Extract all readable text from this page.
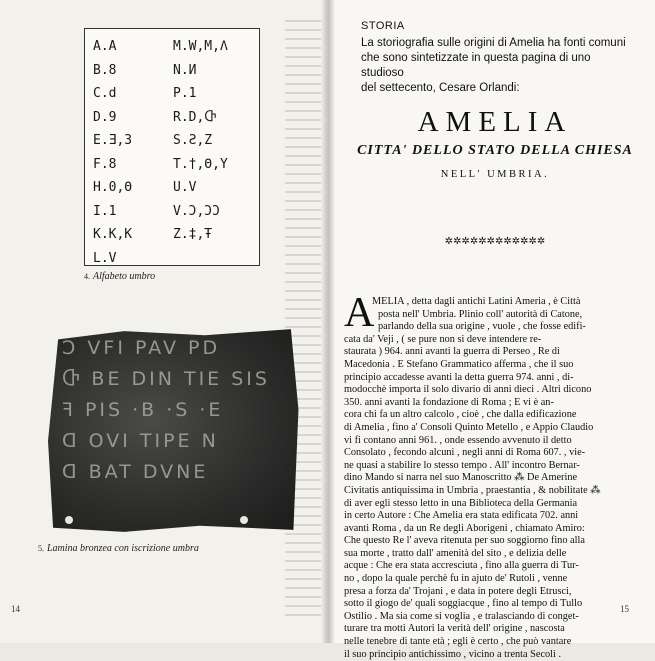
A.A
B.8
C.d
D.9
E.Ǝ,3
F.8
H.0,Θ
I.1
K.K,K
L.V
M.W,M,Λ
N.И
P.1
R.D,Ⴇ
S.Ƨ,Z
T.†,Θ,Y
U.V
V.Ɔ,ƆƆ
Z.‡,Ŧ
4. Alfabeto umbro
Ɔ VFI PAV PD
Ⴇ BE DIN TIE SIS
ꟻ PIS ·B ·S ·E
ᗡ OVI TIPE N
ᗡ BAT DVNE
5. Lamina bronzea con iscrizione umbra
14	15
STORIA
La storiografia sulle origini di Amelia ha fonti comuni
che sono sintetizzate in questa pagina di uno studioso
del settecento, Cesare Orlandi:
AMELIA
CITTA' DELLO STATO DELLA CHIESA
NELL' UMBRIA.
✲✲✲✲✲✲✲✲✲✲✲✲
A
MELIA , detta dagli antichi Latini Ameria , è Città
posta nell' Umbria. Plinio coll' autorità di Catone,
parlando della sua origine , vuole , che fosse edifi-
cata da' Veji , ( se pure non si deve intendere re-
staurata ) 964. anni avanti la guerra di Perseo , Re di
Macedonia . E Stefano Grammatico afferma , che il suo
principio accadesse avanti la detta guerra 974. anni , di-
modocchè importa il solo divario di anni dieci . Altri dicono
350. anni avanti la fondazione di Roma ; E vi è an-
cora chi fa un altro calcolo , cioè , che dalla edificazione
di Amelia , fino a' Consoli Quinto Metello , e Appio Claudio
vi fi contano anni 961. , onde essendo avvenuto il detto
Consolato , fecondo alcuni , negli anni di Roma 607. , vie-
ne quasi a stabilire lo stesso tempo . All' incontro Bernar-
dino Mando si narra nel suo Manoscritto ⁂ De Amerine
Civitatis antiquissima in Umbria , praestantia , & nobilitate ⁂
di aver egli stesso letto in una Biblioteca della Germania
in certo Autore : Che Amelia era stata edificata 702. anni
avanti Roma , da un Re degli Aborigeni , chiamato Amiro:
Che questo Re l' aveva ritenuta per suo soggiorno fino alla
sua morte , tratto dall' amenità del sito , e delizia delle
acque : Che era stata accresciuta , fino alla guerra di Tur-
no , dopo la quale perchè fu in ajuto de' Rutoli , venne
presa a forza da' Trojani , e data in potere degli Etrusci,
sotto il giogo de' quali soggiacque , fino al tempo di Tullo
Ostilio . Ma sia come si voglia , e tralasciando di conget-
turare tra motti Autori la verità dell' origine , nascosta
nelle tenebre di tante età ; egli è certo , che può vantare
il suo principio antichissimo , vicino a trenta Secoli .
